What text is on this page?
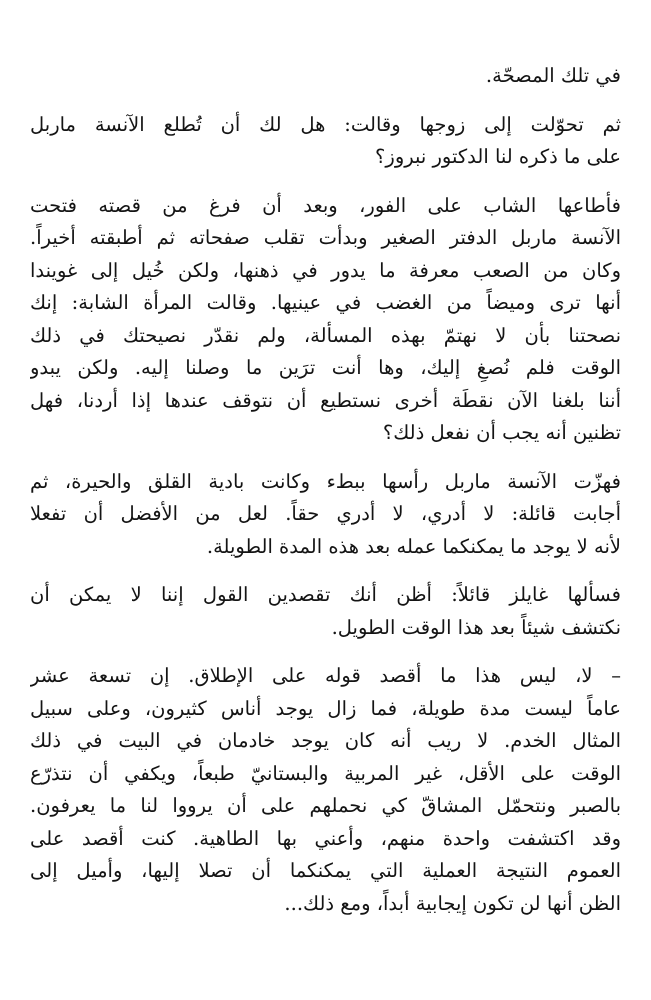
في تلك المصحّة.
ثم تحوّلت إلى زوجها وقالت: هل لك أن تُطلع الآنسة ماربل
على ما ذكره لنا الدكتور نبروز؟
فأطاعها الشاب على الفور، وبعد أن فرغ من قصته فتحت
الآنسة ماربل الدفتر الصغير وبدأت تقلب صفحاته ثم أطبقته أخيراً.
وكان من الصعب معرفة ما يدور في ذهنها، ولكن خُيل إلى غويندا
أنها ترى وميضاً من الغضب في عينيها. وقالت المرأة الشابة: إنك
نصحتنا بأن لا نهتمّ بهذه المسألة، ولم نقدّر نصيحتك في ذلك
الوقت فلم نُصغِ إليك، وها أنت ترَين ما وصلنا إليه. ولكن يبدو
أننا بلغنا الآن نقطَة أخرى نستطيع أن نتوقف عندها إذا أردنا، فهل
تظنين أنه يجب أن نفعل ذلك؟
فهزّت الآنسة ماربل رأسها ببطء وكانت بادية القلق والحيرة، ثم
أجابت قائلة: لا أدري، لا أدري حقاً. لعل من الأفضل أن تفعلا
لأنه لا يوجد ما يمكنكما عمله بعد هذه المدة الطويلة.
فسألها غايلز قائلاً: أظن أنك تقصدين القول إننا لا يمكن أن
نكتشف شيئاً بعد هذا الوقت الطويل.
– لا، ليس هذا ما أقصد قوله على الإطلاق. إن تسعة عشر
عاماً ليست مدة طويلة، فما زال يوجد أناس كثيرون، وعلى سبيل
المثال الخدم. لا ريب أنه كان يوجد خادمان في البيت في ذلك
الوقت على الأقل، غير المربية والبستانيّ طبعاً، ويكفي أن نتذرّع
بالصبر ونتحمّل المشاقّ كي نحملهم على أن يرووا لنا ما يعرفون.
وقد اكتشفت واحدة منهم، وأعني بها الطاهية. كنت أقصد على
العموم النتيجة العملية التي يمكنكما أن تصلا إليها، وأميل إلى
الظن أنها لن تكون إيجابية أبداً، ومع ذلك...
